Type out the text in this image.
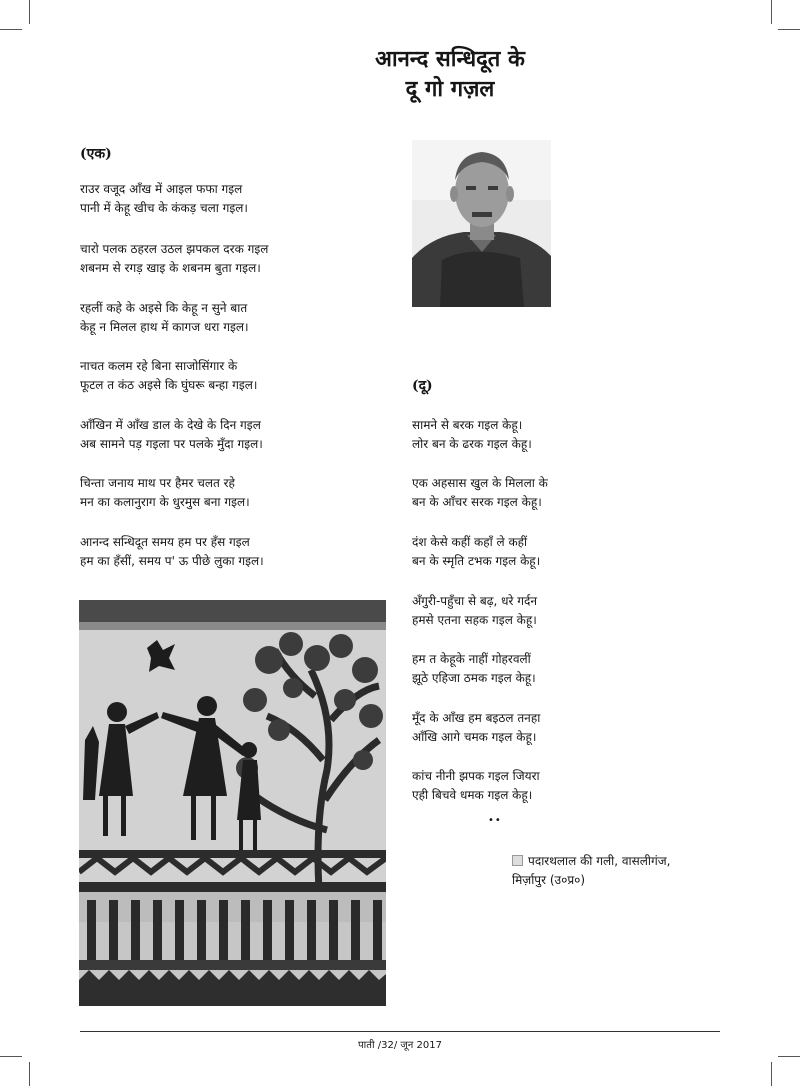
आनन्द सन्धिदूत के
दू गो गज़ल
(एक)
राउर वजूद आँख में आइल फफा गइल
पानी में केहू खीच के कंकड़ चला गइल।
चारो पलक ठहरल उठल झपकल दरक गइल
शबनम से रगड़ खाइ के शबनम बुता गइल।
रहलीं कहे के अइसे कि केहू न सुने बात
केहू न मिलल हाथ में कागज धरा गइल।
नाचत कलम रहे बिना साजोसिंगार के
फूटल त कंठ अइसे कि घुंघरू बन्हा गइल।
आँखिन में आँख डाल के देखे के दिन गइल
अब सामने पड़ गइला पर पलके मुँदा गइल।
चिन्ता जनाय माथ पर हैमर चलत रहे
मन का कलानुराग के धुरमुस बना गइल।
आनन्द सन्धिदूत समय हम पर हँस गइल
हम का हँसीं, समय प' ऊ पीछे लुका गइल।
(दू)
सामने से बरक गइल केहू।
लोर बन के ढरक गइल केहू।
एक अहसास खुल के मिलला के
बन के आँचर सरक गइल केहू।
दंश केसे कहीं कहाँ ले कहीं
बन के स्मृति टभक गइल केहू।
अँगुरी-पहुँचा से बढ़, धरे गर्दन
हमसे एतना सहक गइल केहू।
हम त केहूके नाहीं गोहरवलीं
झूठे एहिजा ठमक गइल केहू।
मूँद के आँख हम बइठल तनहा
आँखि आगे चमक गइल केहू।
कांच नीनी झपक गइल जियरा
एही बिचवे धमक गइल केहू।
••
पदारथलाल की गली, वासलीगंज,
मिर्ज़ापुर (उ०प्र०)
पाती /32/ जून 2017
